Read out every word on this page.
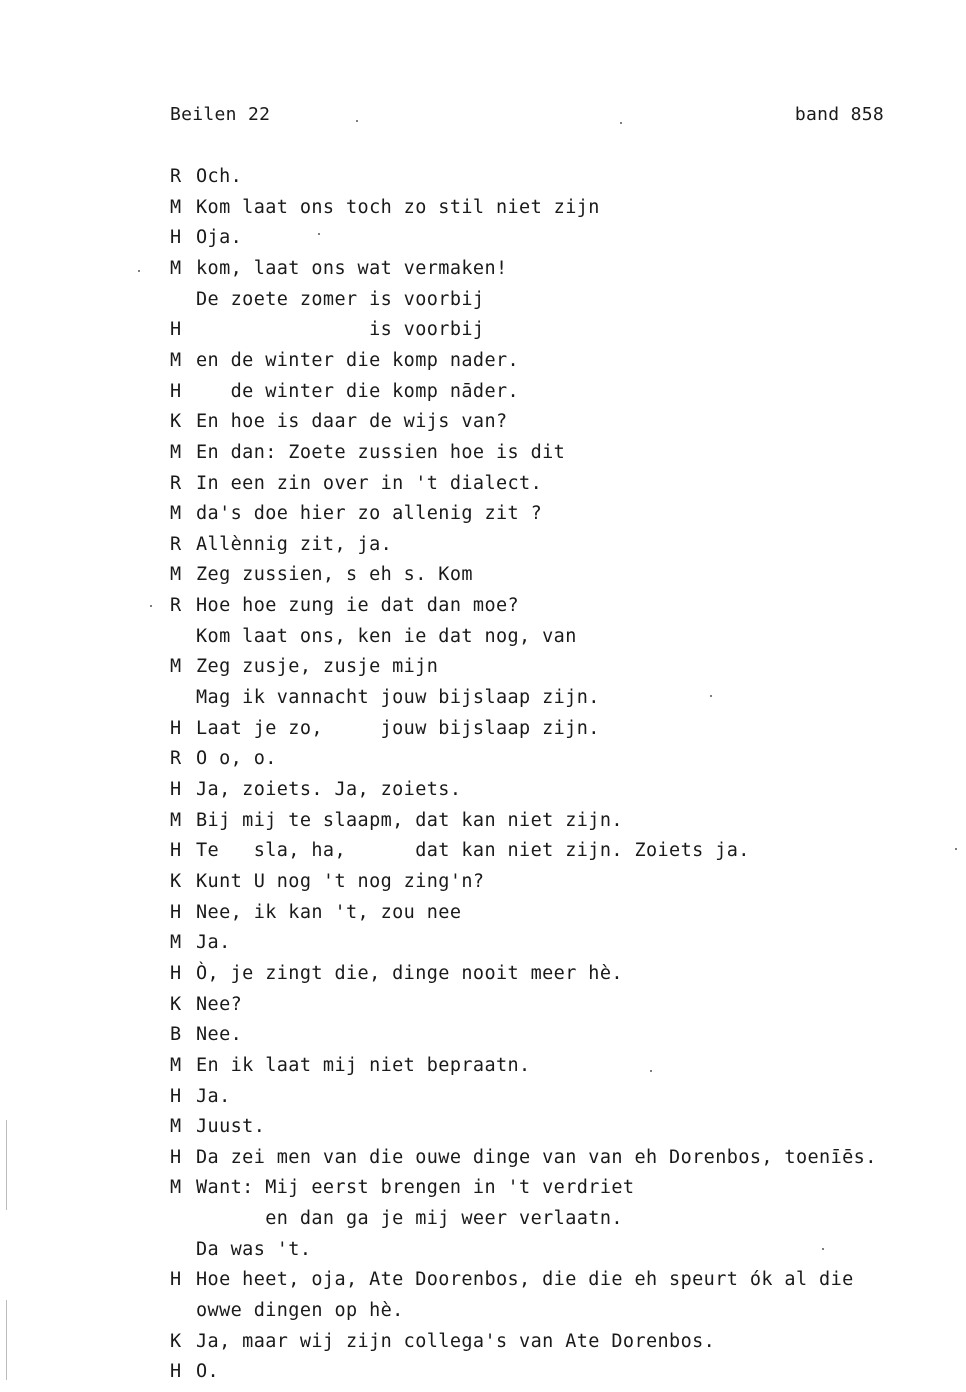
Beilen 22	band 858
R Och.
M Kom laat ons toch zo stil niet zijn
H Oja.
M kom, laat ons wat vermaken!
De zoete zomer is voorbij
H               is voorbij
M en de winter die komp nader.
H   de winter die komp nāder.
K En hoe is daar de wijs van?
M En dan: Zoete zussien hoe is dit
R In een zin over in 't dialect.
M da's doe hier zo allenig zit ?
R Allènnig zit, ja.
M Zeg zussien, s eh s. Kom
R Hoe hoe zung ie dat dan moe?
Kom laat ons, ken ie dat nog, van
M Zeg zusje, zusje mijn
Mag ik vannacht jouw bijslaap zijn.
H Laat je zo,     jouw bijslaap zijn.
R O o, o.
H Ja, zoiets. Ja, zoiets.
M Bij mij te slaapm, dat kan niet zijn.
H Te   sla, ha,      dat kan niet zijn. Zoiets ja.
K Kunt U nog 't nog zing'n?
H Nee, ik kan 't, zou nee
M Ja.
H Ò, je zingt die, dinge nooit meer hè.
K Nee?
B Nee.
M En ik laat mij niet bepraatn.
H Ja.
M Juust.
H Da zei men van die ouwe dinge van van eh Dorenbos, toenīēs.
M Want: Mij eerst brengen in 't verdriet
en dan ga je mij weer verlaatn.
Da was 't.
H Hoe heet, oja, Ate Doorenbos, die die eh speurt ók al die
owwe dingen op hè.
K Ja, maar wij zijn collega's van Ate Dorenbos.
H O.
